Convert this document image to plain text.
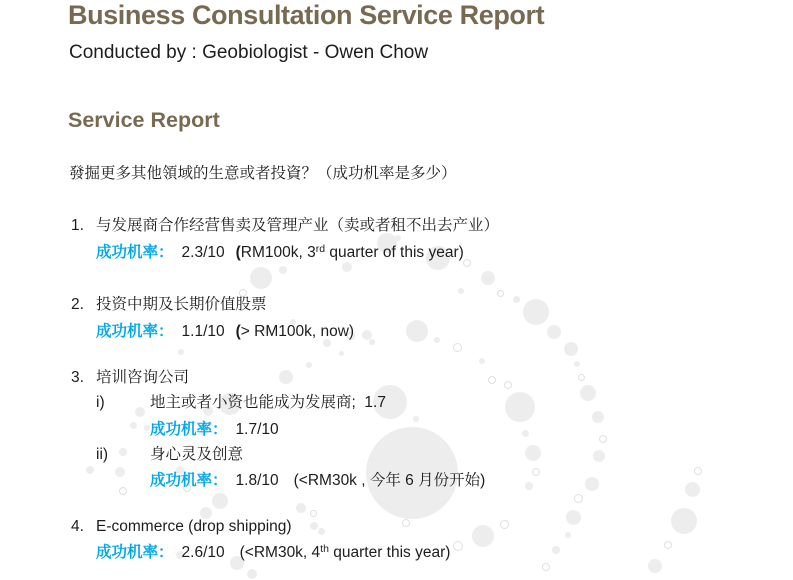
Business Consultation Service Report

Conducted by : Geobiologist - Owen Chow

Service Report

發掘更多其他領域的生意或者投資？（成功机率是多少）

1. 与发展商合作经营售卖及管理产业（卖或者租不出去产业）
成功机率： 2.3/10 (RM100k, 3rd quarter of this year)
2. 投资中期及长期价值股票
成功机率： 1.1/10 (> RM100k, now)
3. 培训咨询公司
i)	地主或者小资也能成为发展商;  1.7
成功机率： 1.7/10
ii)	身心灵及创意
成功机率： 1.8/10 (<RM30k , 今年 6 月份开始)
4. E-commerce (drop shipping)
成功机率： 2.6/10 (<RM30k, 4th quarter this year)
